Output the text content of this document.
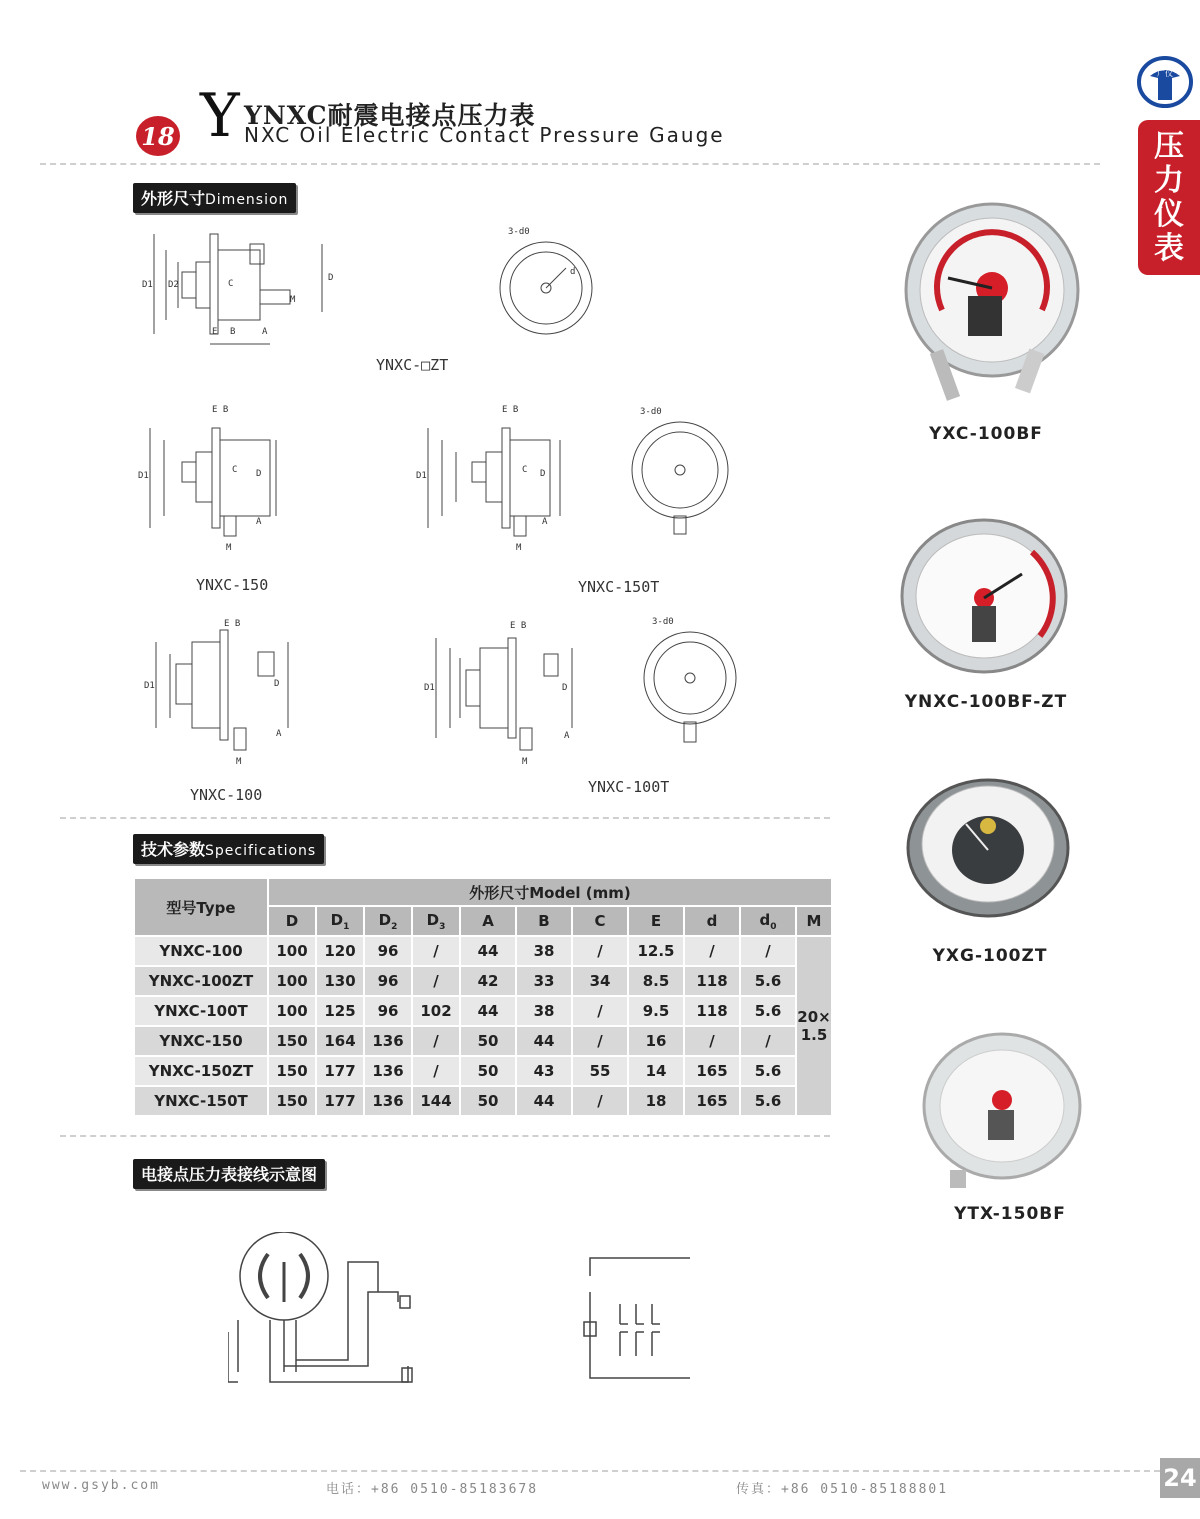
18 Y YNXC耐震电接点压力表
NXC Oil Electric Contact Pressure Gauge
广仪
压
力
仪
表
外形尺寸Dimension
技术参数Specifications
电接点压力表接线示意图
D1 D2
D
C
E B	A
M
3-d0
d
YNXC-□ZT
E B
D1
C D
A
M
YNXC-150
E B
D1
C D
A
M
3-d0
YNXC-150T
E B
D1	D
A
M
YNXC-100
E B
D1	D
A
M
3-d0
YNXC-100T
YXC-100BF
YNXC-100BF-ZT
YXG-100ZT
YTX-150BF
型号Type	外形尺寸Model (mm)										
	D	$D_1$	$D_2$	$D_3$	A	B	C	E	d	$d_0$	M
YNXC-100	100	120	96	/	44	38	/	12.5	/	/	20×
1.5
YNXC-100ZT	100	130	96	/	42	33	34	8.5	118	5.6	
YNXC-100T	100	125	96	102	44	38	/	9.5	118	5.6	
YNXC-150	150	164	136	/	50	44	/	16	/	/	
YNXC-150ZT	150	177	136	/	50	43	55	14	165	5.6	
YNXC-150T	150	177	136	144	50	44	/	18	165	5.6	
www.gsyb.com	电话：+86 0510-85183678	传真：+86 0510-85188801	24
